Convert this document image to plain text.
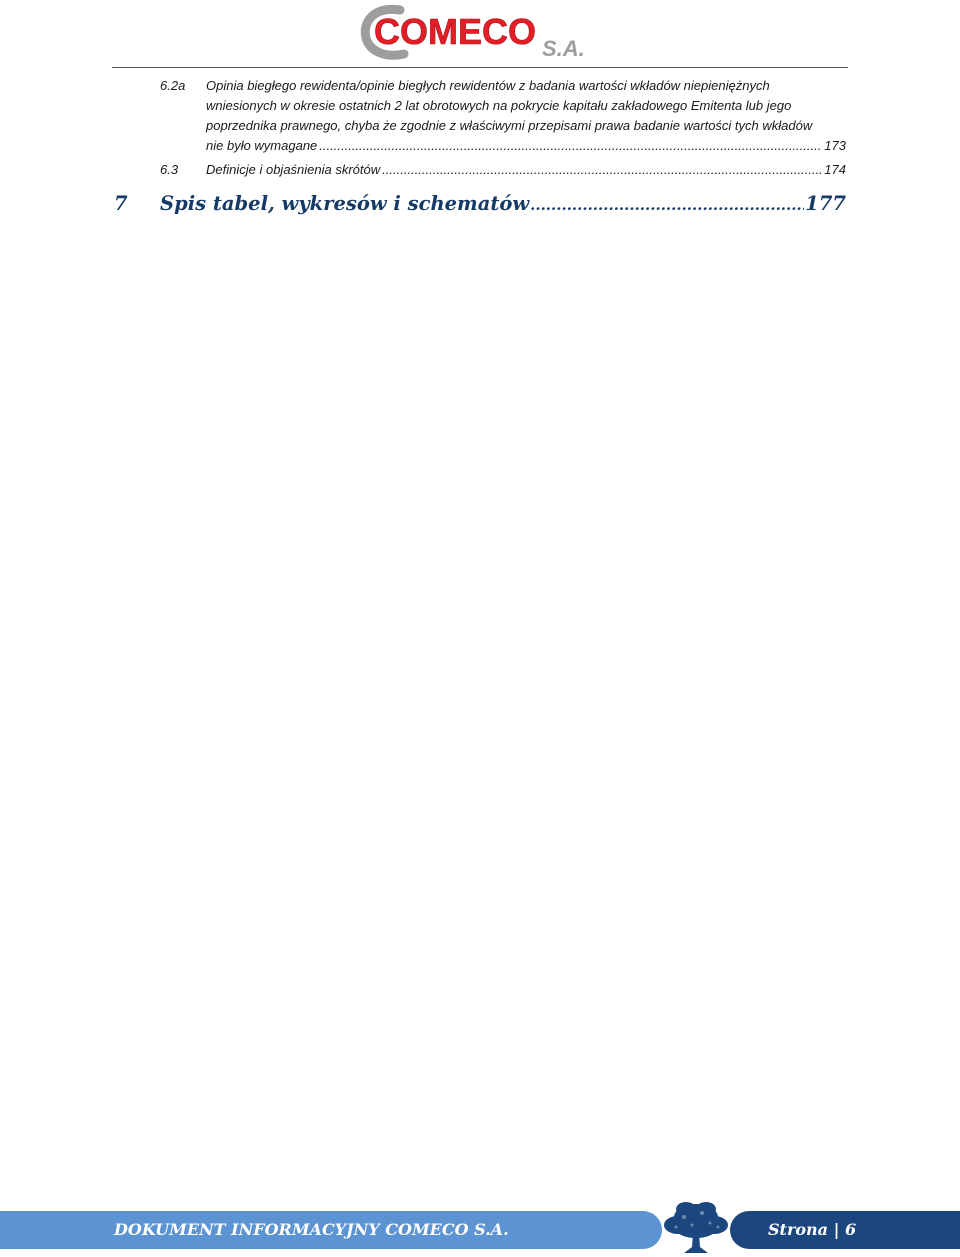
COMECO S.A.
6.2a Opinia biegłego rewidenta/opinie biegłych rewidentów z badania wartości wkładów niepieniężnych

wniesionych w okresie ostatnich 2 lat obrotowych na pokrycie kapitału zakładowego Emitenta lub jego

poprzednika prawnego, chyba że zgodnie z właściwymi przepisami prawa badanie wartości tych wkładów

nie było wymagane .....	173
6.3 Definicje i objaśnienia skrótów .....	174
7	Spis tabel, wykresów i schematów .....	177
DOKUMENT INFORMACYJNY COMECO S.A.	Strona | 6
